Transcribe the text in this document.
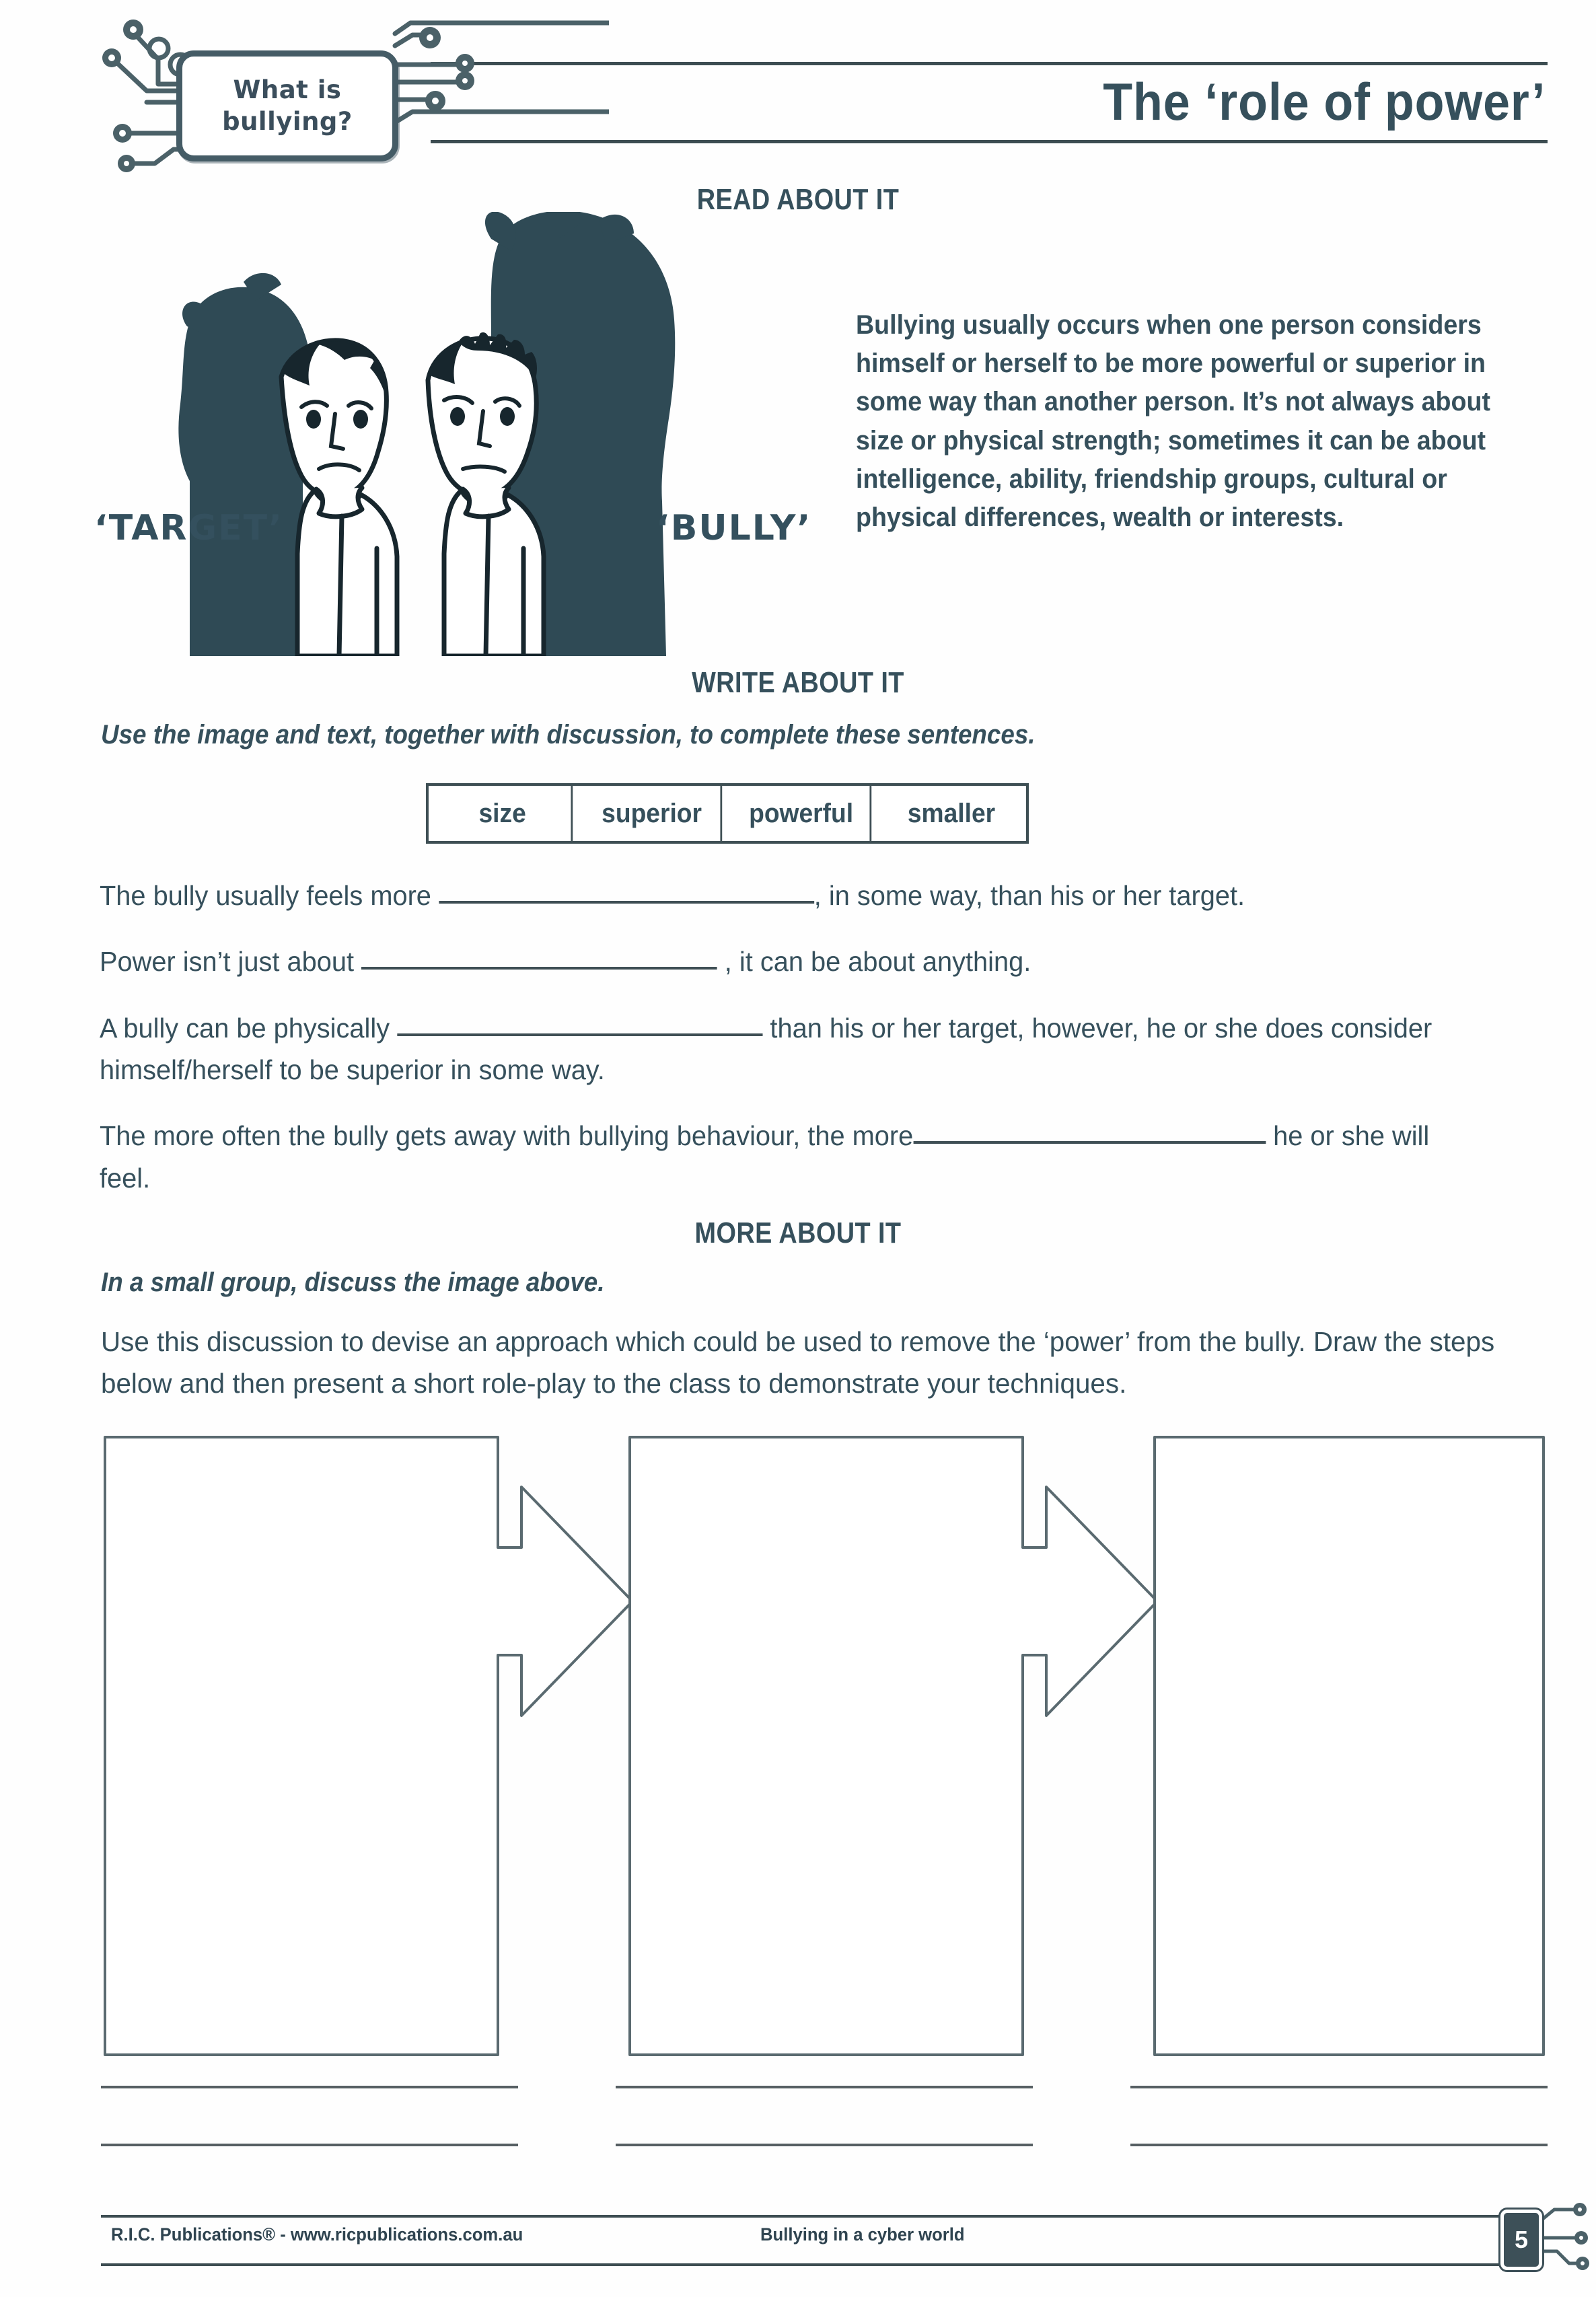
The ‘role of power’
What is
bullying?
READ ABOUT IT
‘TARGET’	‘BULLY’
Bullying usually occurs when one person considers himself or herself to be more powerful or superior in some way than another person. It’s not always about size or physical strength; sometimes it can be about intelligence, ability, friendship groups, cultural or physical differences, wealth or interests.
WRITE ABOUT IT
Use the image and text, together with discussion, to complete these sentences.
size	superior	powerful	smaller
The bully usually feels more	, in some way, than his or her target.
Power isn’t just about	, it can be about anything.
A bully can be physically	than his or her target, however, he or she does consider himself/herself to be superior in some way.
The more often the bully gets away with bullying behaviour, the more	he or she will feel.
MORE ABOUT IT
In a small group, discuss the image above.
Use this discussion to devise an approach which could be used to remove the ‘power’ from the bully. Draw the steps below and then present a short role-play to the class to demonstrate your techniques.
R.I.C. Publications® - www.ricpublications.com.au	Bullying in a cyber world	5
